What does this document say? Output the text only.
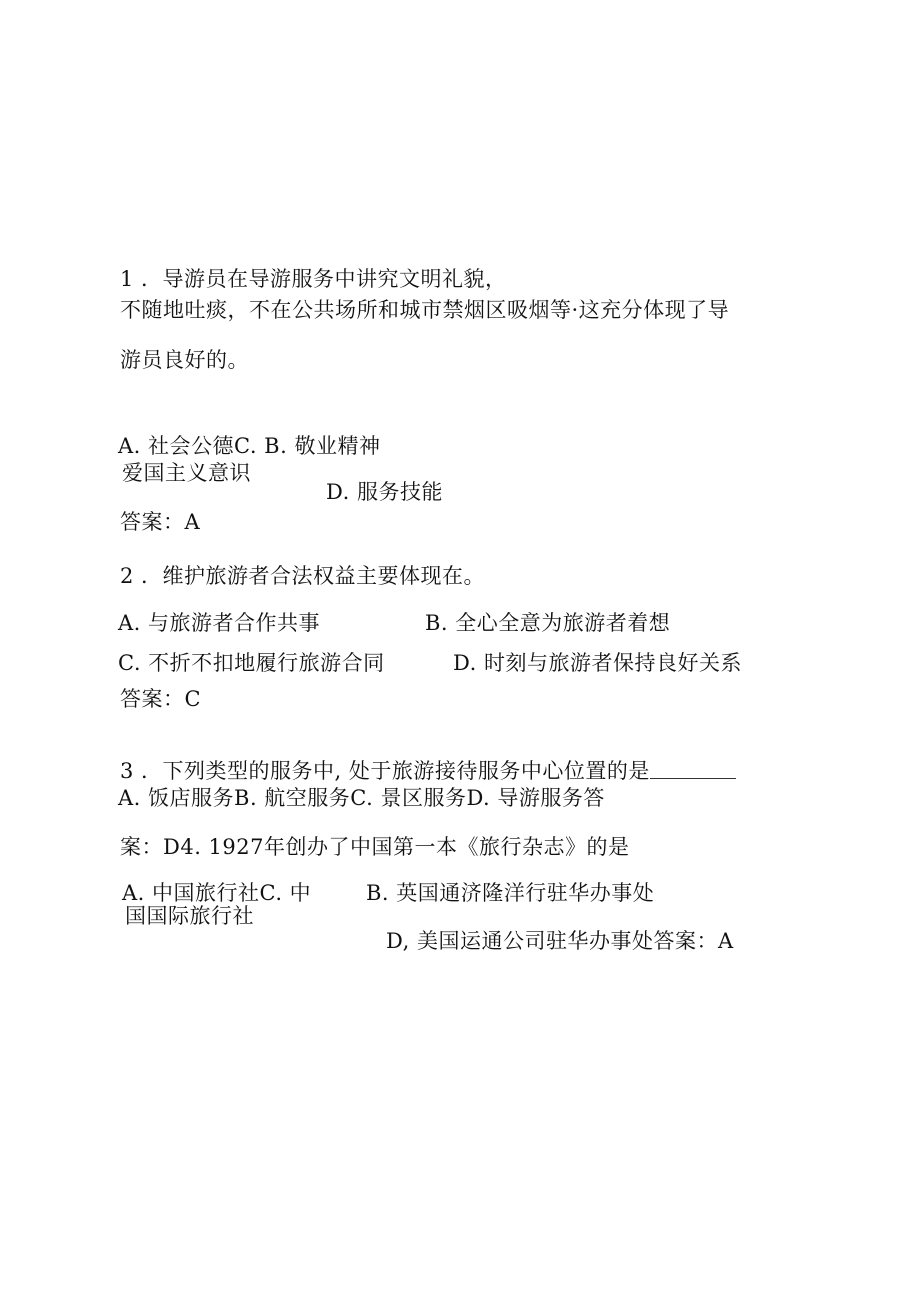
1 ．导游员在导游服务中讲究文明礼貌，
不随地吐痰，不在公共场所和城市禁烟区吸烟等·这充分体现了导
游员良好的。
A. 社会公德C. B. 敬业精神
爱国主义意识
D. 服务技能
答案：A
2 ．维护旅游者合法权益主要体现在。
A. 与旅游者合作共事	B. 全心全意为旅游者着想
C. 不折不扣地履行旅游合同	D. 时刻与旅游者保持良好关系
答案：C
3 ．下列类型的服务中, 处于旅游接待服务中心位置的是
A. 饭店服务B. 航空服务C. 景区服务D. 导游服务答
案：D4. 1927年创办了中国第一本《旅行杂志》的是
A. 中国旅行社C. 中
国国际旅行社
B. 英国通济隆洋行驻华办事处
D, 美国运通公司驻华办事处答案：A
